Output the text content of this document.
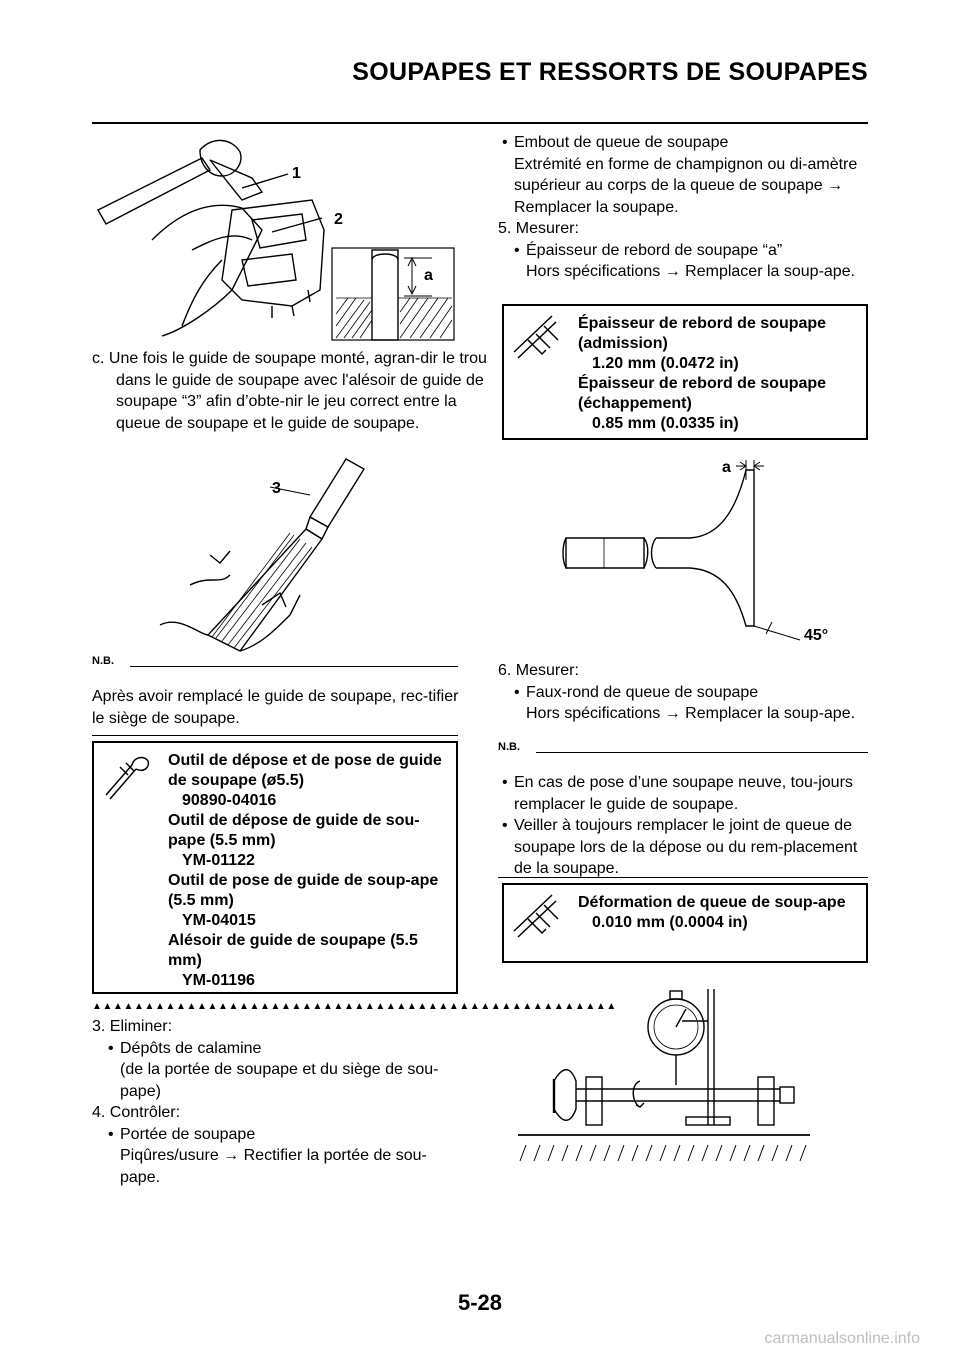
SOUPAPES ET RESSORTS DE SOUPAPES
1
2
a
c. Une fois le guide de soupape monté, agran-dir le trou dans le guide de soupape avec l'alésoir de guide de soupape “3” afin d’obte-nir le jeu correct entre la queue de soupape et le guide de soupape.
3
N.B.
Après avoir remplacé le guide de soupape, rec-tifier le siège de soupape.
Outil de dépose et de pose de guide de soupape (ø5.5)
90890-04016
Outil de dépose de guide de sou-pape (5.5 mm)
YM-01122
Outil de pose de guide de soup-ape (5.5 mm)
YM-04015
Alésoir de guide de soupape (5.5 mm)
YM-01196
▲▲▲▲▲▲▲▲▲▲▲▲▲▲▲▲▲▲▲▲▲▲▲▲▲▲▲▲▲▲▲▲▲▲▲▲▲▲▲▲▲▲▲▲▲▲▲▲▲▲
3. Eliminer:
• Dépôts de calamine
(de la portée de soupape et du siège de sou-pape)
4. Contrôler:
• Portée de soupape
Piqûres/usure → Rectifier la portée de sou-pape.
• Embout de queue de soupape
Extrémité en forme de champignon ou di-amètre supérieur au corps de la queue de soupape → Remplacer la soupape.
5. Mesurer:
• Épaisseur de rebord de soupape “a”
Hors spécifications → Remplacer la soup-ape.
Épaisseur de rebord de soupape (admission)
1.20 mm (0.0472 in)
Épaisseur de rebord de soupape (échappement)
0.85 mm (0.0335 in)
a
45°
6. Mesurer:
• Faux-rond de queue de soupape
Hors spécifications → Remplacer la soup-ape.
N.B.
• En cas de pose d’une soupape neuve, tou-jours remplacer le guide de soupape.
• Veiller à toujours remplacer le joint de queue de soupape lors de la dépose ou du rem-placement de la soupape.
Déformation de queue de soup-ape
0.010 mm (0.0004 in)
5-28
carmanualsonline.info
